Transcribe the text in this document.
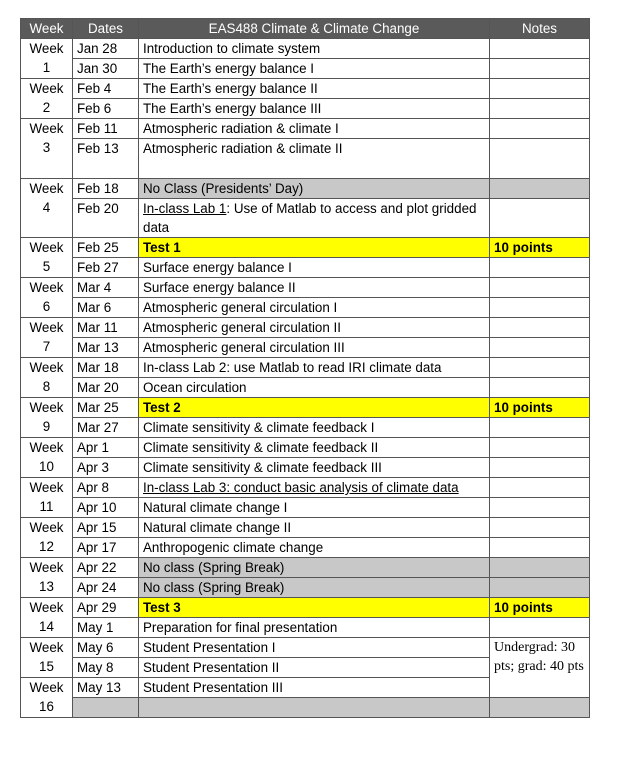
Week	Dates	EAS488 Climate & Climate Change	Notes
Week 1	Jan 28	Introduction to climate system	
	Jan 30	The Earth’s energy balance I	
Week 2	Feb 4	The Earth’s energy balance II	
	Feb 6	The Earth’s energy balance III	
Week 3	Feb 11	Atmospheric radiation & climate I	
	Feb 13	Atmospheric radiation & climate II	
Week 4	Feb 18	No Class (Presidents’ Day)	
	Feb 20	In-class Lab 1: Use of Matlab to access and plot gridded data	
Week 5	Feb 25	Test 1	10 points
	Feb 27	Surface energy balance I	
Week 6	Mar 4	Surface energy balance II	
	Mar 6	Atmospheric general circulation I	
Week 7	Mar 11	Atmospheric general circulation II	
	Mar 13	Atmospheric general circulation III	
Week 8	Mar 18	In-class Lab 2: use Matlab to read IRI climate data	
	Mar 20	Ocean circulation	
Week 9	Mar 25	Test 2	10 points
	Mar 27	Climate sensitivity & climate feedback I	
Week 10	Apr 1	Climate sensitivity & climate feedback II	
	Apr 3	Climate sensitivity & climate feedback III	
Week 11	Apr 8	In-class Lab 3: conduct basic analysis of climate data	
	Apr 10	Natural climate change I	
Week 12	Apr 15	Natural climate change II	
	Apr 17	Anthropogenic climate change	
Week 13	Apr 22	No class (Spring Break)	
	Apr 24	No class (Spring Break)	
Week 14	Apr 29	Test 3	10 points
	May 1	Preparation for final presentation	
Week 15	May 6	Student Presentation I	Undergrad: 30 pts; grad: 40 pts
	May 8	Student Presentation II	
Week 16	May 13	Student Presentation III	
